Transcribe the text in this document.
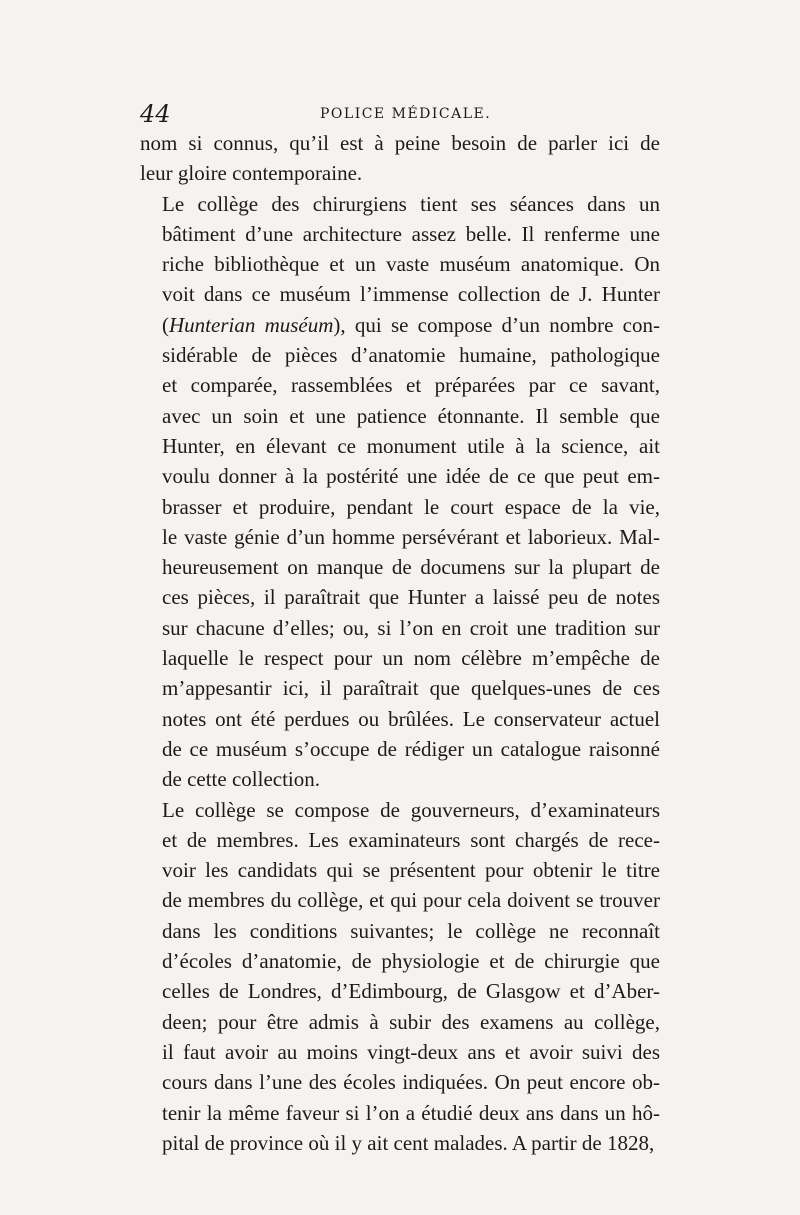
44	POLICE MÉDICALE.

nom si connus, qu’il est à peine besoin de parler ici de
leur gloire contemporaine.

Le collège des chirurgiens tient ses séances dans un
bâtiment d’une architecture assez belle. Il renferme une
riche bibliothèque et un vaste muséum anatomique. On
voit dans ce muséum l’immense collection de J. Hunter
(Hunterian muséum), qui se compose d’un nombre con-
sidérable de pièces d’anatomie humaine, pathologique
et comparée, rassemblées et préparées par ce savant,
avec un soin et une patience étonnante. Il semble que
Hunter, en élevant ce monument utile à la science, ait
voulu donner à la postérité une idée de ce que peut em-
brasser et produire, pendant le court espace de la vie,
le vaste génie d’un homme persévérant et laborieux. Mal-
heureusement on manque de documens sur la plupart de
ces pièces, il paraîtrait que Hunter a laissé peu de notes
sur chacune d’elles; ou, si l’on en croit une tradition sur
laquelle le respect pour un nom célèbre m’empêche de
m’appesantir ici, il paraîtrait que quelques-unes de ces
notes ont été perdues ou brûlées. Le conservateur actuel
de ce muséum s’occupe de rédiger un catalogue raisonné
de cette collection.

Le collège se compose de gouverneurs, d’examinateurs
et de membres. Les examinateurs sont chargés de rece-
voir les candidats qui se présentent pour obtenir le titre
de membres du collège, et qui pour cela doivent se trouver
dans les conditions suivantes; le collège ne reconnaît
d’écoles d’anatomie, de physiologie et de chirurgie que
celles de Londres, d’Edimbourg, de Glasgow et d’Aber-
deen; pour être admis à subir des examens au collège,
il faut avoir au moins vingt-deux ans et avoir suivi des
cours dans l’une des écoles indiquées. On peut encore ob-
tenir la même faveur si l’on a étudié deux ans dans un hô-
pital de province où il y ait cent malades. A partir de 1828,
